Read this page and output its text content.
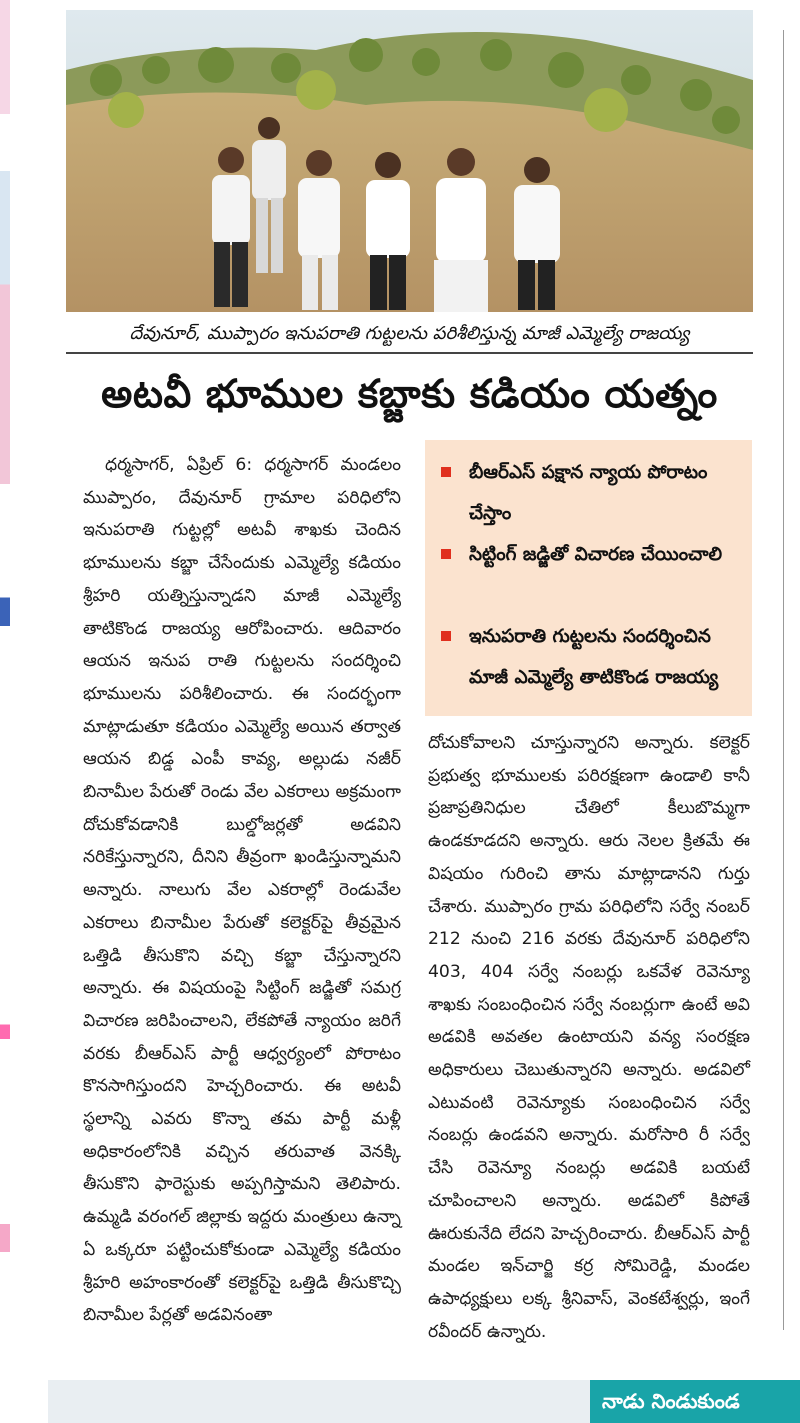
దేవునూర్, ముప్పారం ఇనుపరాతి గుట్టలను పరిశీలిస్తున్న మాజీ ఎమ్మెల్యే రాజయ్య
అటవీ భూముల కబ్జాకు కడియం యత్నం

ధర్మసాగర్, ఏప్రిల్ 6: ధర్మసాగర్ మండలం ముప్పారం, దేవునూర్ గ్రామాల పరిధిలోని ఇనుపరాతి గుట్టల్లో అటవీ శాఖకు చెందిన భూములను కబ్జా చేసేందుకు ఎమ్మెల్యే కడియం శ్రీహరి యత్నిస్తున్నాడని మాజీ ఎమ్మెల్యే తాటికొండ రాజయ్య ఆరోపించారు. ఆదివారం ఆయన ఇనుప రాతి గుట్టలను సందర్శించి భూములను పరిశీలించారు. ఈ సందర్భంగా మాట్లాడుతూ కడియం ఎమ్మెల్యే అయిన తర్వాత ఆయన బిడ్డ ఎంపీ కావ్య, అల్లుడు నజీర్ బినామీల పేరుతో రెండు వేల ఎకరాలు అక్రమంగా దోచుకోవడానికి బుల్డోజర్లతో అడవిని నరికేస్తున్నారని, దీనిని తీవ్రంగా ఖండిస్తున్నామని అన్నారు. నాలుగు వేల ఎకరాల్లో రెండువేల ఎకరాలు బినామీల పేరుతో కలెక్టర్‌పై తీవ్రమైన ఒత్తిడి తీసుకొని వచ్చి కబ్జా చేస్తున్నారని అన్నారు. ఈ విషయంపై సిట్టింగ్ జడ్జితో సమగ్ర విచారణ జరిపించాలని, లేకపోతే న్యాయం జరిగే వరకు బీఆర్ఎస్ పార్టీ ఆధ్వర్యంలో పోరాటం కొనసాగిస్తుందని హెచ్చరించారు. ఈ అటవీ స్థలాన్ని ఎవరు కొన్నా తమ పార్టీ మళ్లీ అధికారంలోనికి వచ్చిన తరువాత వెనక్కి తీసుకొని ఫారెస్టుకు అప్పగిస్తామని తెలిపారు. ఉమ్మడి వరంగల్ జిల్లాకు ఇద్దరు మంత్రులు ఉన్నా ఏ ఒక్కరూ పట్టించుకోకుండా ఎమ్మెల్యే కడియం శ్రీహరి అహంకారంతో కలెక్టర్‌పై ఒత్తిడి తీసుకొచ్చి బినామీల పేర్లతో అడవినంతా

బీఆర్ఎస్ పక్షాన న్యాయ పోరాటం చేస్తాం
సిట్టింగ్ జడ్జితో విచారణ చేయించాలి
ఇనుపరాతి గుట్టలను సందర్శించిన మాజీ ఎమ్మెల్యే తాటికొండ రాజయ్య

దోచుకోవాలని చూస్తున్నారని అన్నారు. కలెక్టర్ ప్రభుత్వ భూములకు పరిరక్షణగా ఉండాలి కానీ ప్రజాప్రతినిధుల చేతిలో కీలుబొమ్మగా ఉండకూడదని అన్నారు. ఆరు నెలల క్రితమే ఈ విషయం గురించి తాను మాట్లాడానని గుర్తు చేశారు. ముప్పారం గ్రామ పరిధిలోని సర్వే నంబర్ 212 నుంచి 216 వరకు దేవునూర్ పరిధిలోని 403, 404 సర్వే నంబర్లు ఒకవేళ రెవెన్యూ శాఖకు సంబంధించిన సర్వే నంబర్లుగా ఉంటే అవి అడవికి అవతల ఉంటాయని వన్య సంరక్షణ అధికారులు చెబుతున్నారని అన్నారు. అడవిలో ఎటువంటి రెవెన్యూకు సంబంధించిన సర్వే నంబర్లు ఉండవని అన్నారు. మరోసారి రీ సర్వే చేసి రెవెన్యూ నంబర్లు అడవికి బయటే చూపించాలని అన్నారు. అడవిలో కిపోతే ఊరుకునేది లేదని హెచ్చరించారు. బీఆర్ఎస్ పార్టీ మండల ఇన్‌చార్జి కర్ర సోమిరెడ్డి, మండల ఉపాధ్యక్షులు లక్క శ్రీనివాస్, వెంకటేశ్వర్లు, ఇంగే రవీందర్ ఉన్నారు.

నాడు నిండుకుండ
